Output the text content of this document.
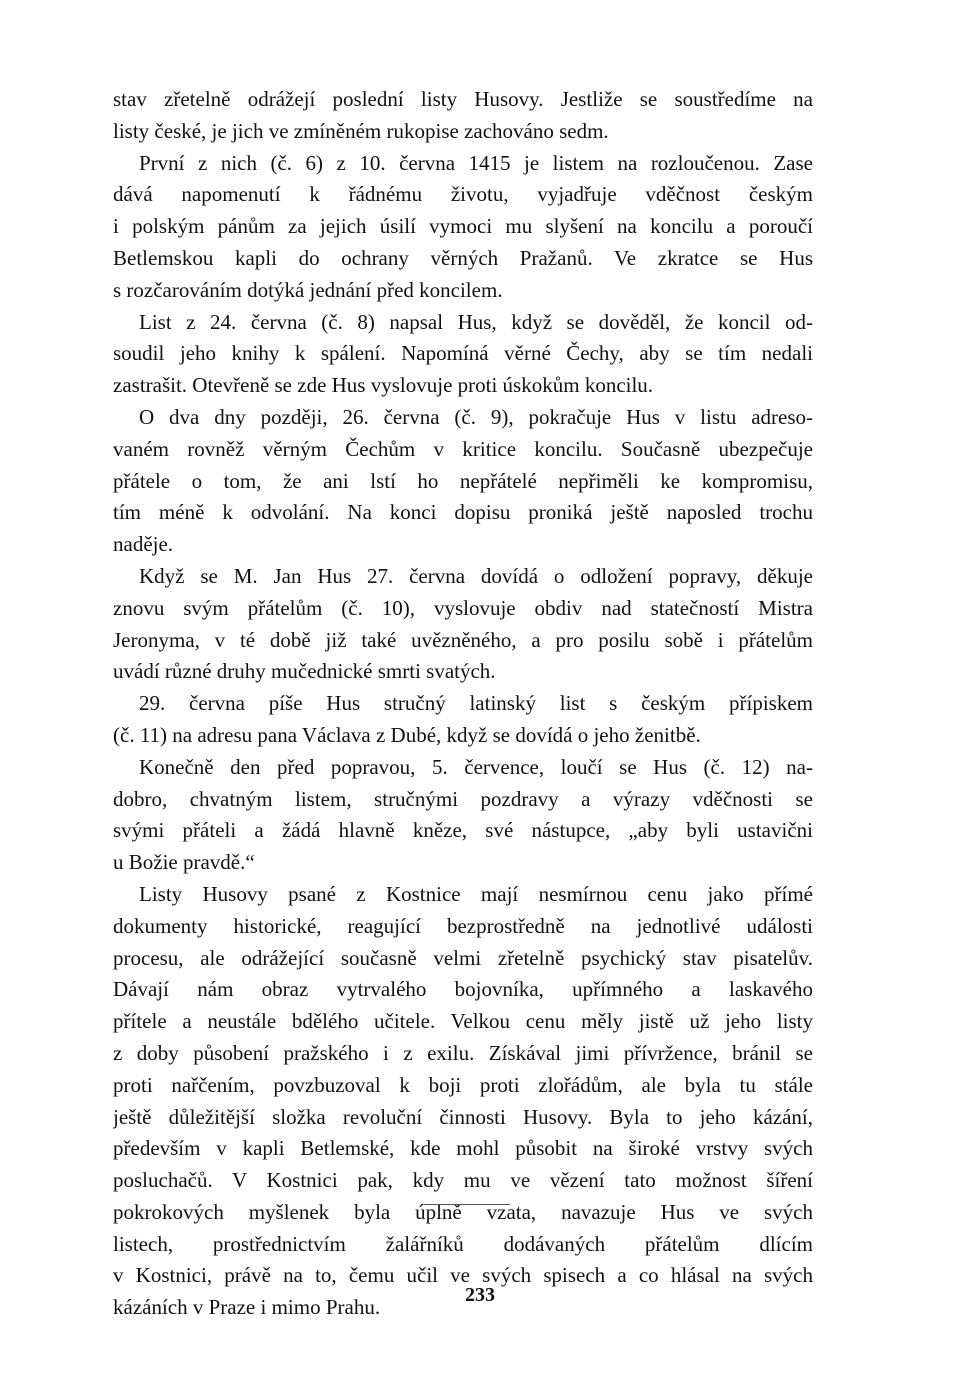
stav zřetelně odrážejí poslední listy Husovy. Jestliže se soustředíme na
listy české, je jich ve zmíněném rukopise zachováno sedm.
První z nich (č. 6) z 10. června 1415 je listem na rozloučenou. Zase
dává napomenutí k řádnému životu, vyjadřuje vděčnost českým
i polským pánům za jejich úsilí vymoci mu slyšení na koncilu a poroučí
Betlemskou kapli do ochrany věrných Pražanů. Ve zkratce se Hus
s rozčarováním dotýká jednání před koncilem.
List z 24. června (č. 8) napsal Hus, když se dověděl, že koncil od-
soudil jeho knihy k spálení. Napomíná věrné Čechy, aby se tím nedali
zastrašit. Otevřeně se zde Hus vyslovuje proti úskokům koncilu.
O dva dny později, 26. června (č. 9), pokračuje Hus v listu adreso-
vaném rovněž věrným Čechům v kritice koncilu. Současně ubezpečuje
přátele o tom, že ani lstí ho nepřátelé nepřiměli ke kompromisu,
tím méně k odvolání. Na konci dopisu proniká ještě naposled trochu
naděje.
Když se M. Jan Hus 27. června dovídá o odložení popravy, děkuje
znovu svým přátelům (č. 10), vyslovuje obdiv nad statečností Mistra
Jeronyma, v té době již také uvězněného, a pro posilu sobě i přátelům
uvádí různé druhy mučednické smrti svatých.
29. června píše Hus stručný latinský list s českým přípiskem
(č. 11) na adresu pana Václava z Dubé, když se dovídá o jeho ženitbě.
Konečně den před popravou, 5. července, loučí se Hus (č. 12) na-
dobro, chvatným listem, stručnými pozdravy a výrazy vděčnosti se
svými přáteli a žádá hlavně kněze, své nástupce, „aby byli ustavični
u Božie pravdě.“
Listy Husovy psané z Kostnice mají nesmírnou cenu jako přímé
dokumenty historické, reagující bezprostředně na jednotlivé události
procesu, ale odrážející současně velmi zřetelně psychický stav pisatelův.
Dávají nám obraz vytrvalého bojovníka, upřímného a laskavého
přítele a neustále bdělého učitele. Velkou cenu měly jistě už jeho listy
z doby působení pražského i z exilu. Získával jimi přívržence, bránil se
proti nařčením, povzbuzoval k boji proti zlořádům, ale byla tu stále
ještě důležitější složka revoluční činnosti Husovy. Byla to jeho kázání,
především v kapli Betlemské, kde mohl působit na široké vrstvy svých
posluchačů. V Kostnici pak, kdy mu ve vězení tato možnost šíření
pokrokových myšlenek byla úplně vzata, navazuje Hus ve svých
listech, prostřednictvím žalářníků dodávaných přátelům dlícím
v Kostnici, právě na to, čemu učil ve svých spisech a co hlásal na svých
kázáních v Praze i mimo Prahu.
233
